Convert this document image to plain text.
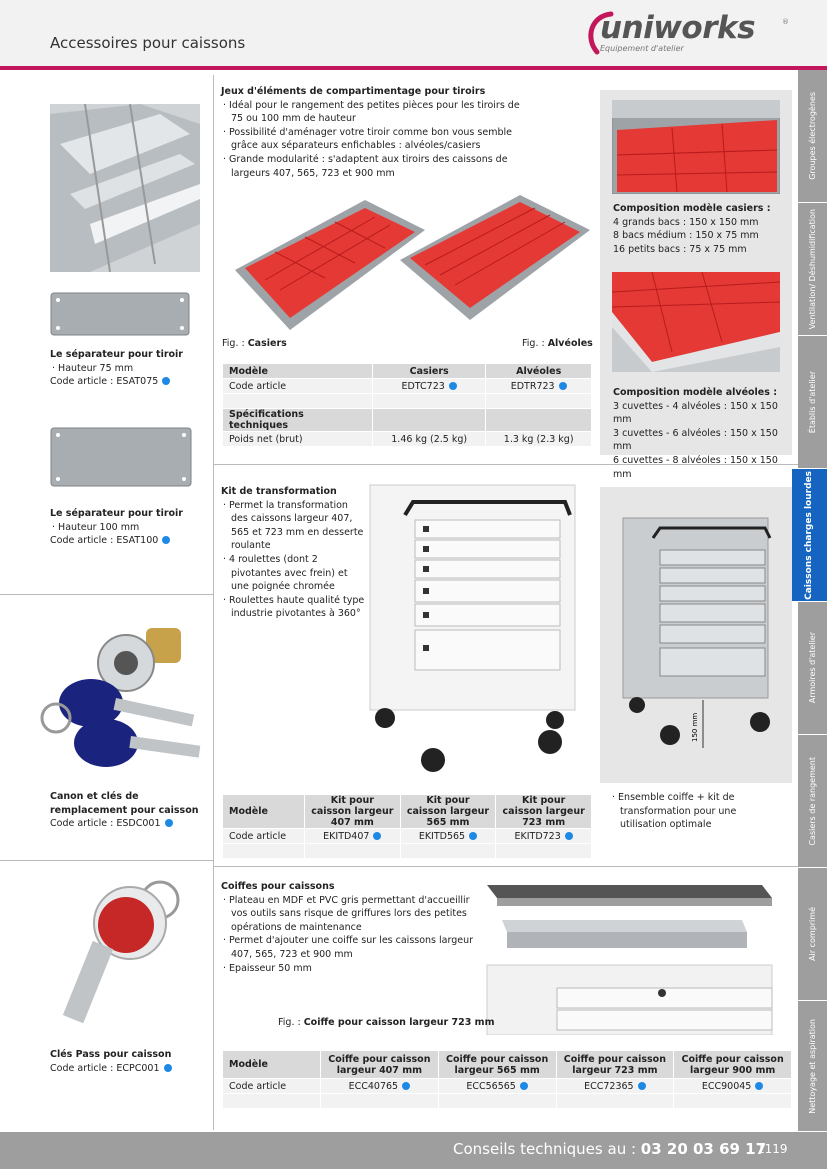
Accessoires pour caissons	uniworks	®
Equipement d'atelier
Groupes électrogènes
Ventilation/ Déshumidification
Établis d'atelier
Caissons charges lourdes
Armoires d'atelier
Casiers de rangement
Air comprimé
Nettoyage et aspiration
Le séparateur pour tiroir
· Hauteur 75 mm
Code article : ESAT075
Le séparateur pour tiroir
· Hauteur 100 mm
Code article : ESAT100
Canon et clés de remplacement pour caisson
Code article : ESDC001
Clés Pass pour caisson
Code article : ECPC001
Jeux d'éléments de compartimentage pour tiroirs
· Idéal pour le rangement des petites pièces pour les tiroirs de 75 ou 100 mm de hauteur
· Possibilité d'aménager votre tiroir comme bon vous semble grâce aux séparateurs enfichables : alvéoles/casiers
· Grande modularité : s'adaptent aux tiroirs des caissons de largeurs 407, 565, 723 et 900 mm
Fig. : Casiers	Fig. : Alvéoles
Modèle	Casiers	Alvéoles
Code article	EDTC723	EDTR723

Spécifications techniques		
Poids net (brut)	1.46 kg (2.5 kg)	1.3 kg (2.3 kg)
Composition modèle casiers :
4 grands bacs : 150 x 150 mm
8 bacs médium : 150 x 75 mm
16 petits bacs : 75 x 75 mm
Composition modèle alvéoles :
3 cuvettes - 4 alvéoles : 150 x 150 mm
3 cuvettes - 6 alvéoles : 150 x 150 mm
6 cuvettes - 8 alvéoles : 150 x 150 mm
Kit de transformation
· Permet la transformation des caissons largeur 407, 565 et 723 mm en desserte roulante
· 4 roulettes (dont 2 pivotantes avec frein) et une poignée chromée
· Roulettes haute qualité type industrie pivotantes à 360°
150 mm
· Ensemble coiffe + kit de transformation pour une utilisation optimale
Modèle	Kit pour caisson largeur 407 mm	Kit pour caisson largeur 565 mm	Kit pour caisson largeur 723 mm
Code article	EKITD407	EKITD565	EKITD723

Coiffes pour caissons
· Plateau en MDF et PVC gris permettant d'accueillir vos outils sans risque de griffures lors des petites opérations de maintenance
· Permet d'ajouter une coiffe sur les caissons largeur 407, 565, 723 et 900 mm
· Epaisseur 50 mm
Fig. : Coiffe pour caisson largeur 723 mm
Modèle	Coiffe pour caisson largeur 407 mm	Coiffe pour caisson largeur 565 mm	Coiffe pour caisson largeur 723 mm	Coiffe pour caisson largeur 900 mm
Code article	ECC40765	ECC56565	ECC72365	ECC90045

Conseils techniques au : 03 20 03 69 17
1119
